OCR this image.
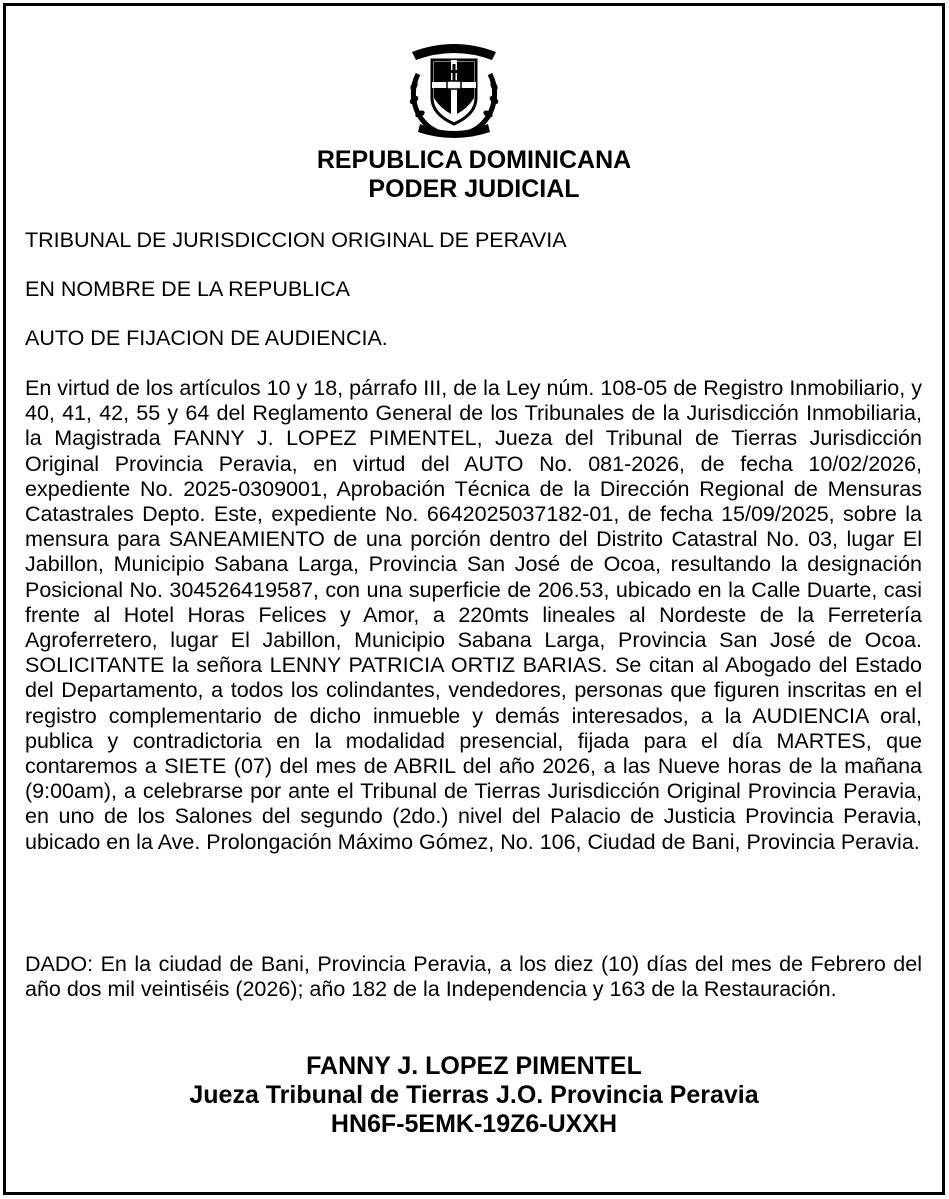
REPUBLICA DOMINICANA
PODER JUDICIAL
TRIBUNAL DE JURISDICCION ORIGINAL DE PERAVIA
EN NOMBRE DE LA REPUBLICA
AUTO DE FIJACION DE AUDIENCIA.

En virtud de los artículos 10 y 18, párrafo III, de la Ley núm. 108-05 de Registro Inmobiliario, y 40, 41, 42, 55 y 64 del Reglamento General de los Tribunales de la Jurisdicción Inmobiliaria, la Magistrada FANNY J. LOPEZ PIMENTEL, Jueza del Tribunal de Tierras Jurisdicción Original Provincia Peravia, en virtud del AUTO No. 081-2026, de fecha 10/02/2026, expediente No. 2025-0309001, Aprobación Técnica de la Dirección Regional de Mensuras Catastrales Depto. Este, expediente No. 6642025037182-01, de fecha 15/09/2025, sobre la mensura para SANEAMIENTO de una porción dentro del Distrito Catastral No. 03, lugar El Jabillon, Municipio Sabana Larga, Provincia San José de Ocoa, resultando la designación Posicional No. 304526419587, con una superficie de 206.53, ubicado en la Calle Duarte, casi frente al Hotel Horas Felices y Amor, a 220mts lineales al Nordeste de la Ferretería Agroferretero, lugar El Jabillon, Municipio Sabana Larga, Provincia San José de Ocoa. SOLICITANTE la señora LENNY PATRICIA ORTIZ BARIAS. Se citan al Abogado del Estado del Departamento, a todos los colindantes, vendedores, personas que figuren inscritas en el registro complementario de dicho inmueble y demás interesados, a la AUDIENCIA oral, publica y contradictoria en la modalidad presencial, fijada para el día MARTES, que contaremos a SIETE (07) del mes de ABRIL del año 2026, a las Nueve horas de la mañana (9:00am), a celebrarse por ante el Tribunal de Tierras Jurisdicción Original Provincia Peravia, en uno de los Salones del segundo (2do.) nivel del Palacio de Justicia Provincia Peravia, ubicado en la Ave. Prolongación Máximo Gómez, No. 106, Ciudad de Bani, Provincia Peravia.

DADO: En la ciudad de Bani, Provincia Peravia, a los diez (10) días del mes de Febrero del año dos mil veintiséis (2026); año 182 de la Independencia y 163 de la Restauración.

FANNY J. LOPEZ PIMENTEL
Jueza Tribunal de Tierras J.O. Provincia Peravia
HN6F-5EMK-19Z6-UXXH
